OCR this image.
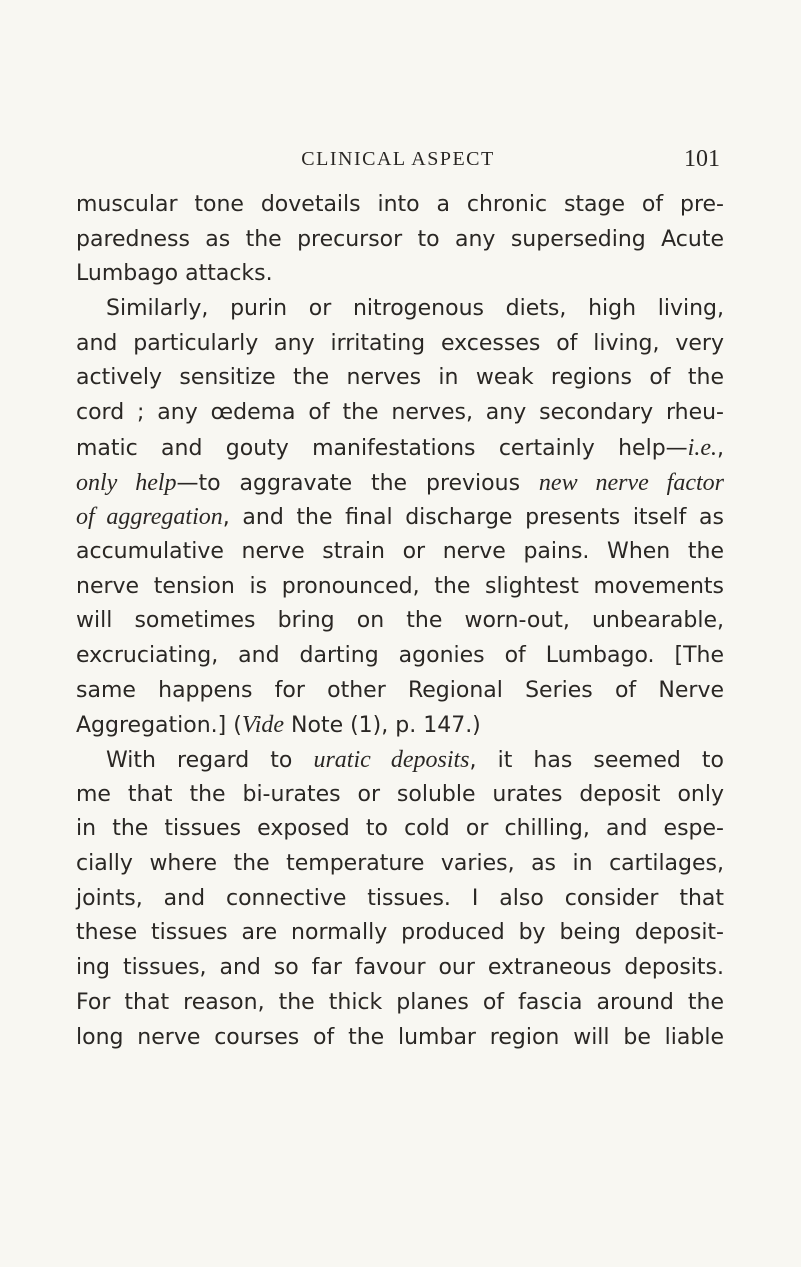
CLINICAL ASPECT	101
muscular tone dovetails into a chronic stage of pre-
paredness as the precursor to any superseding Acute
Lumbago attacks.
Similarly, purin or nitrogenous diets, high living,
and particularly any irritating excesses of living, very
actively sensitize the nerves in weak regions of the
cord ; any œdema of the nerves, any secondary rheu-
matic and gouty manifestations certainly help—i.e.,
only help—to aggravate the previous new nerve factor
of aggregation, and the final discharge presents itself as
accumulative nerve strain or nerve pains. When the
nerve tension is pronounced, the slightest movements
will sometimes bring on the worn-out, unbearable,
excruciating, and darting agonies of Lumbago. [The
same happens for other Regional Series of Nerve
Aggregation.] (Vide Note (1), p. 147.)
With regard to uratic deposits, it has seemed to
me that the bi-urates or soluble urates deposit only
in the tissues exposed to cold or chilling, and espe-
cially where the temperature varies, as in cartilages,
joints, and connective tissues. I also consider that
these tissues are normally produced by being deposit-
ing tissues, and so far favour our extraneous deposits.
For that reason, the thick planes of fascia around the
long nerve courses of the lumbar region will be liable
